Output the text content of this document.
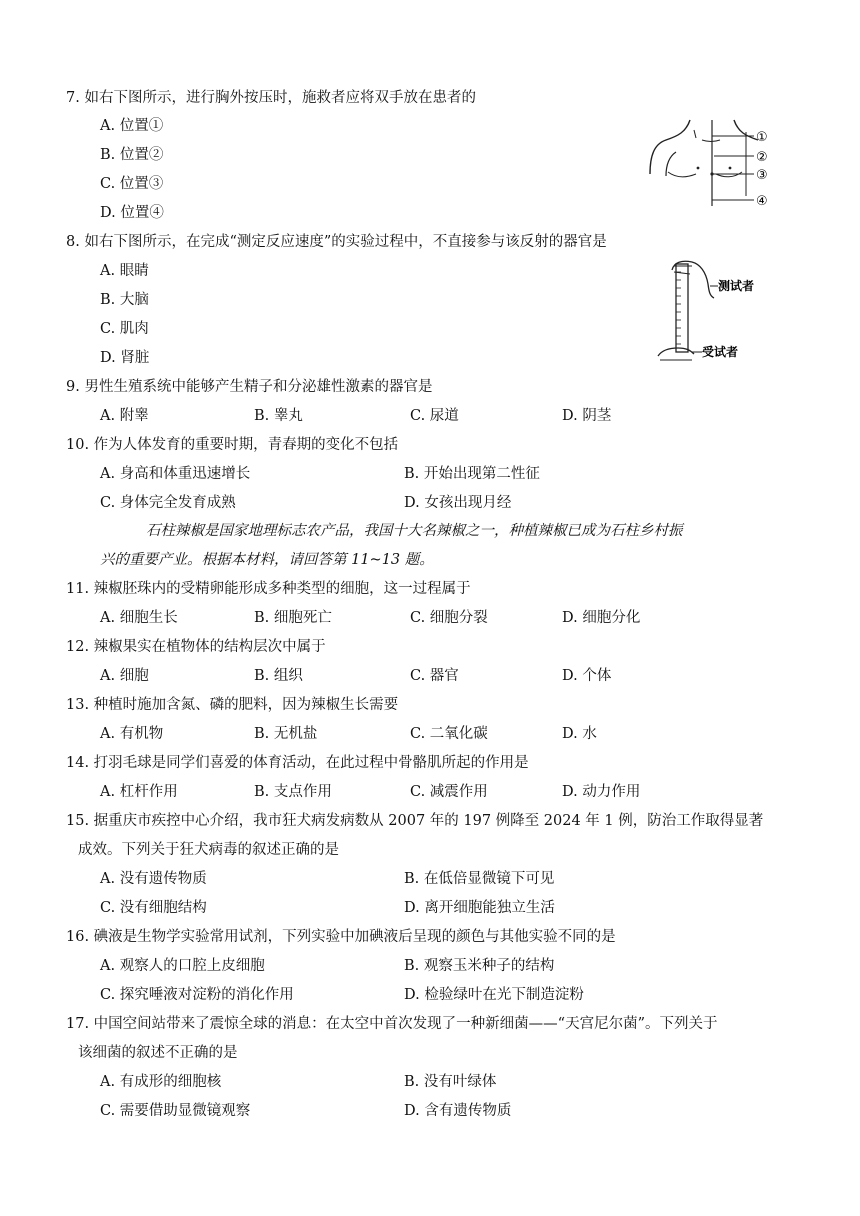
7. 如右下图所示，进行胸外按压时，施救者应将双手放在患者的
A. 位置①
B. 位置②
C. 位置③
D. 位置④
①
②
③
④
8. 如右下图所示，在完成“测定反应速度”的实验过程中，不直接参与该反射的器官是
A. 眼睛
B. 大脑
C. 肌肉
D. 肾脏
测试者
受试者
9. 男性生殖系统中能够产生精子和分泌雄性激素的器官是
A. 附睾	B. 睾丸	C. 尿道	D. 阴茎
10. 作为人体发育的重要时期，青春期的变化不包括
A. 身高和体重迅速增长	B. 开始出现第二性征
C. 身体完全发育成熟	D. 女孩出现月经
石柱辣椒是国家地理标志农产品，我国十大名辣椒之一，种植辣椒已成为石柱乡村振
兴的重要产业。根据本材料，请回答第 11~13 题。
11. 辣椒胚珠内的受精卵能形成多种类型的细胞，这一过程属于
A. 细胞生长	B. 细胞死亡	C. 细胞分裂	D. 细胞分化
12. 辣椒果实在植物体的结构层次中属于
A. 细胞	B. 组织	C. 器官	D. 个体
13. 种植时施加含氮、磷的肥料，因为辣椒生长需要
A. 有机物	B. 无机盐	C. 二氧化碳	D. 水
14. 打羽毛球是同学们喜爱的体育活动，在此过程中骨骼肌所起的作用是
A. 杠杆作用	B. 支点作用	C. 减震作用	D. 动力作用
15. 据重庆市疾控中心介绍，我市狂犬病发病数从 2007 年的 197 例降至 2024 年 1 例，防治工作取得显著
成效。下列关于狂犬病毒的叙述正确的是
A. 没有遗传物质	B. 在低倍显微镜下可见
C. 没有细胞结构	D. 离开细胞能独立生活
16. 碘液是生物学实验常用试剂，下列实验中加碘液后呈现的颜色与其他实验不同的是
A. 观察人的口腔上皮细胞	B. 观察玉米种子的结构
C. 探究唾液对淀粉的消化作用	D. 检验绿叶在光下制造淀粉
17. 中国空间站带来了震惊全球的消息：在太空中首次发现了一种新细菌——“天宫尼尔菌”。下列关于
该细菌的叙述不正确的是
A. 有成形的细胞核	B. 没有叶绿体
C. 需要借助显微镜观察	D. 含有遗传物质
